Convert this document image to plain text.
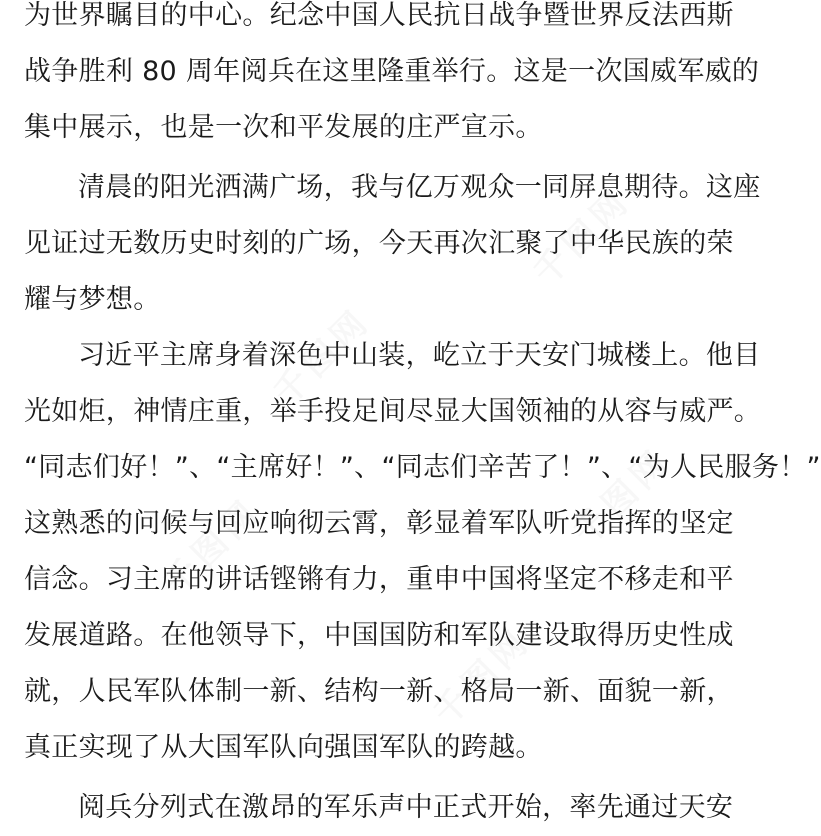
千图网
千图网
千图网
千图网
千图网
为世界瞩目的中心。纪念中国人民抗日战争暨世界反法西斯
战争胜利 80 周年阅兵在这里隆重举行。这是一次国威军威的
集中展示，也是一次和平发展的庄严宣示。
清晨的阳光洒满广场，我与亿万观众一同屏息期待。这座
见证过无数历史时刻的广场，今天再次汇聚了中华民族的荣
耀与梦想。
习近平主席身着深色中山装，屹立于天安门城楼上。他目
光如炬，神情庄重，举手投足间尽显大国领袖的从容与威严。
“同志们好！”、“主席好！”、“同志们辛苦了！”、“为人民服务！”
这熟悉的问候与回应响彻云霄，彰显着军队听党指挥的坚定
信念。习主席的讲话铿锵有力，重申中国将坚定不移走和平
发展道路。在他领导下，中国国防和军队建设取得历史性成
就，人民军队体制一新、结构一新、格局一新、面貌一新，
真正实现了从大国军队向强国军队的跨越。
阅兵分列式在激昂的军乐声中正式开始，率先通过天安
